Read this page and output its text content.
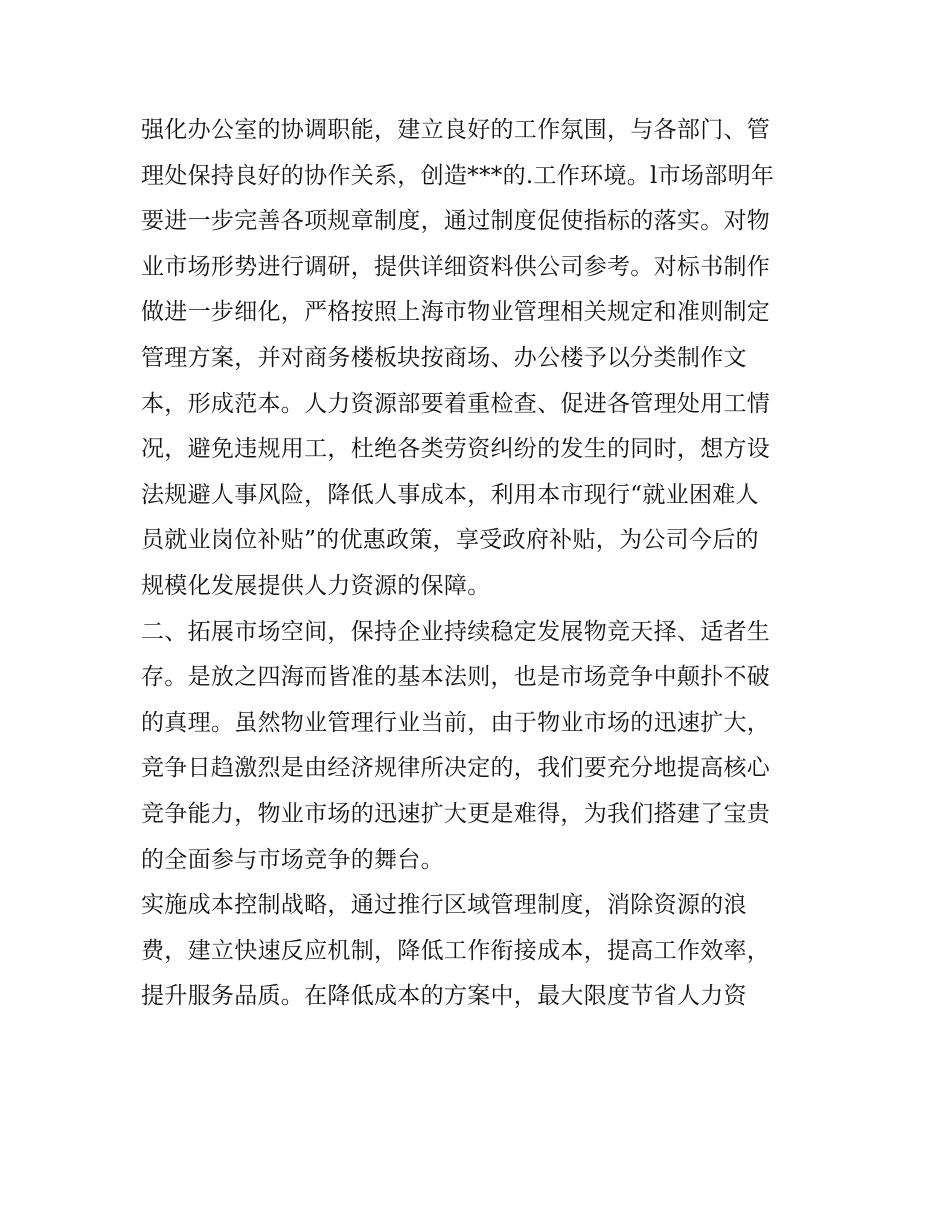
强化办公室的协调职能，建立良好的工作氛围，与各部门、管
理处保持良好的协作关系，创造***的.工作环境。l市场部明年
要进一步完善各项规章制度，通过制度促使指标的落实。对物
业市场形势进行调研，提供详细资料供公司参考。对标书制作
做进一步细化，严格按照上海市物业管理相关规定和准则制定
管理方案，并对商务楼板块按商场、办公楼予以分类制作文
本，形成范本。人力资源部要着重检查、促进各管理处用工情
况，避免违规用工，杜绝各类劳资纠纷的发生的同时，想方设
法规避人事风险，降低人事成本，利用本市现行“就业困难人
员就业岗位补贴”的优惠政策，享受政府补贴，为公司今后的
规模化发展提供人力资源的保障。
二、拓展市场空间，保持企业持续稳定发展物竞天择、适者生
存。是放之四海而皆准的基本法则，也是市场竞争中颠扑不破
的真理。虽然物业管理行业当前，由于物业市场的迅速扩大，
竞争日趋激烈是由经济规律所决定的，我们要充分地提高核心
竞争能力，物业市场的迅速扩大更是难得，为我们搭建了宝贵
的全面参与市场竞争的舞台。
实施成本控制战略，通过推行区域管理制度，消除资源的浪
费，建立快速反应机制，降低工作衔接成本，提高工作效率，
提升服务品质。在降低成本的方案中，最大限度节省人力资
